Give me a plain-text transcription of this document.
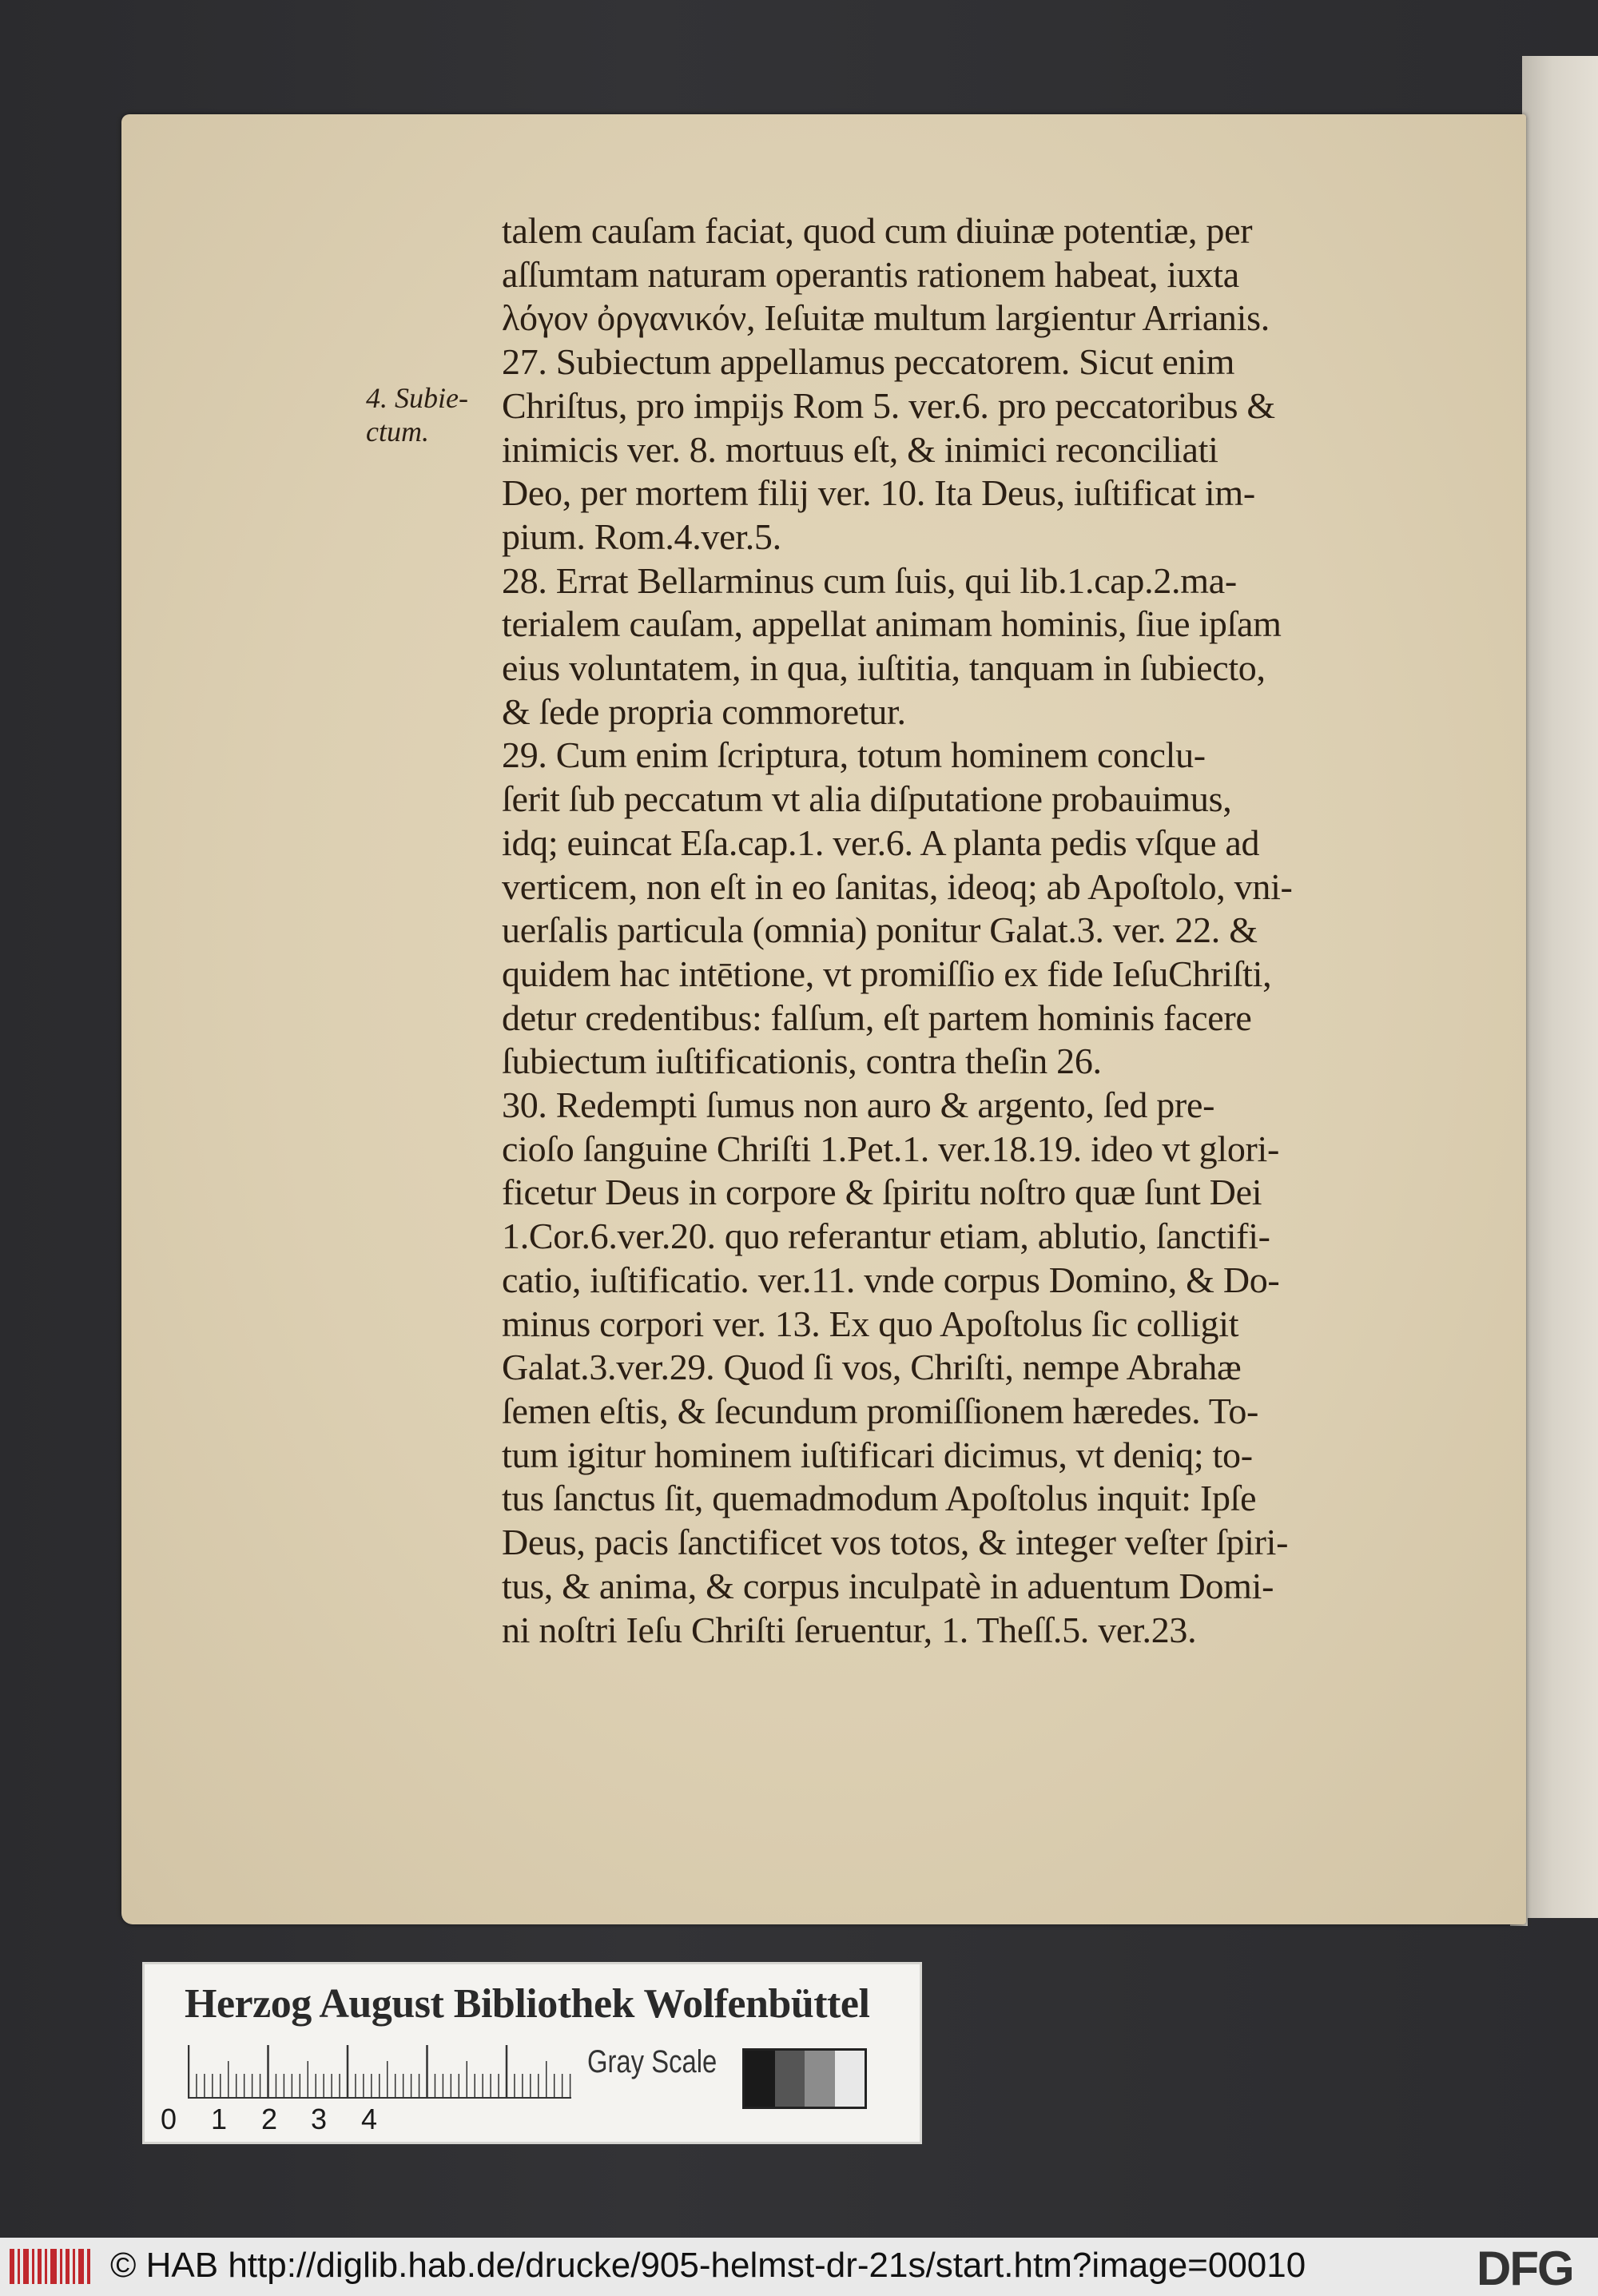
4. Subie-
ctum.
talem cauſam faciat, quod cum diuinæ potentiæ, per
aſſumtam naturam operantis rationem habeat, iuxta
λόγον ὀργανικόν, Ieſuitæ multum largientur Arrianis.
27. Subiectum appellamus peccatorem. Sicut enim
Chriſtus, pro impijs Rom 5. ver.6. pro peccatoribus &
inimicis ver. 8. mortuus eſt, & inimici reconciliati
Deo, per mortem filij ver. 10. Ita Deus, iuſtificat im-
pium. Rom.4.ver.5.
28. Errat Bellarminus cum ſuis, qui lib.1.cap.2.ma-
terialem cauſam, appellat animam hominis, ſiue ipſam
eius voluntatem, in qua, iuſtitia, tanquam in ſubiecto,
& ſede propria commoretur.
29. Cum enim ſcriptura, totum hominem conclu-
ſerit ſub peccatum vt alia diſputatione probauimus,
idq; euincat Eſa.cap.1. ver.6. A planta pedis vſque ad
verticem, non eſt in eo ſanitas, ideoq; ab Apoſtolo, vni-
uerſalis particula (omnia) ponitur Galat.3. ver. 22. &
quidem hac intētione, vt promiſſio ex fide IeſuChriſti,
detur credentibus: falſum, eſt partem hominis facere
ſubiectum iuſtificationis, contra theſin 26.
30. Redempti ſumus non auro & argento, ſed pre-
cioſo ſanguine Chriſti 1.Pet.1. ver.18.19. ideo vt glori-
ficetur Deus in corpore & ſpiritu noſtro quæ ſunt Dei
1.Cor.6.ver.20. quo referantur etiam, ablutio, ſanctifi-
catio, iuſtificatio. ver.11. vnde corpus Domino, & Do-
minus corpori ver. 13. Ex quo Apoſtolus ſic colligit
Galat.3.ver.29. Quod ſi vos, Chriſti, nempe Abrahæ
ſemen eſtis, & ſecundum promiſſionem hæredes. To-
tum igitur hominem iuſtificari dicimus, vt deniq; to-
tus ſanctus ſit, quemadmodum Apoſtolus inquit: Ipſe
Deus, pacis ſanctificet vos totos, & integer veſter ſpiri-
tus, & anima, & corpus inculpatè in aduentum Domi-
ni noſtri Ieſu Chriſti ſeruentur, 1. Theſſ.5. ver.23.
Herzog August Bibliothek Wolfenbüttel
0 1 2 3 4
Gray Scale
© HAB http://diglib.hab.de/drucke/905-helmst-dr-21s/start.htm?image=00010	DFG
